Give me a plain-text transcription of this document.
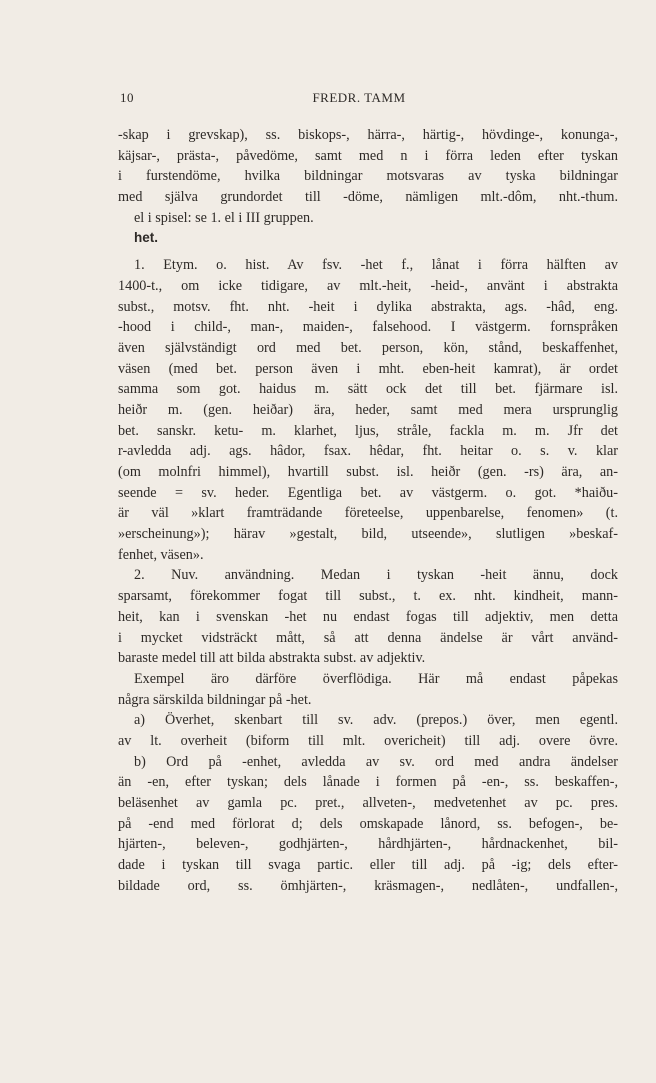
10	FREDR. TAMM
-skap i grevskap), ss. biskops-, härra-, härtig-, hövdinge-, konunga-,
käjsar-, prästa-, påvedöme, samt med n i förra leden efter tyskan
i furstendöme, hvilka bildningar motsvaras av tyska bildningar
med själva grundordet till -döme, nämligen mlt.-dôm, nht.-thum.
el i spisel: se 1. el i III gruppen.
het.
1. Etym. o. hist. Av fsv. -het f., lånat i förra hälften av
1400-t., om icke tidigare, av mlt.-heit, -heid-, använt i abstrakta
subst., motsv. fht. nht. -heit i dylika abstrakta, ags. -hâd, eng.
-hood i child-, man-, maiden-, falsehood. I västgerm. fornspråken
även självständigt ord med bet. person, kön, stånd, beskaffenhet,
väsen (med bet. person även i mht. eben-heit kamrat), är ordet
samma som got. haidus m. sätt ock det till bet. fjärmare isl.
heiðr m. (gen. heiðar) ära, heder, samt med mera ursprunglig
bet. sanskr. ketu- m. klarhet, ljus, stråle, fackla m. m. Jfr det
r-avledda adj. ags. hâdor, fsax. hêdar, fht. heitar o. s. v. klar
(om molnfri himmel), hvartill subst. isl. heiðr (gen. -rs) ära, an-
seende = sv. heder. Egentliga bet. av västgerm. o. got. *haiðu-
är väl »klart framträdande företeelse, uppenbarelse, fenomen» (t.
»erscheinung»); härav »gestalt, bild, utseende», slutligen »beskaf-
fenhet, väsen».
2. Nuv. användning. Medan i tyskan -heit ännu, dock
sparsamt, förekommer fogat till subst., t. ex. nht. kindheit, mann-
heit, kan i svenskan -het nu endast fogas till adjektiv, men detta
i mycket vidsträckt mått, så att denna ändelse är vårt använd-
baraste medel till att bilda abstrakta subst. av adjektiv.
Exempel äro därföre överflödiga. Här må endast påpekas
några särskilda bildningar på -het.
a) Överhet, skenbart till sv. adv. (prepos.) över, men egentl.
av lt. overheit (biform till mlt. overicheit) till adj. overe övre.
b) Ord på -enhet, avledda av sv. ord med andra ändelser
än -en, efter tyskan; dels lånade i formen på -en-, ss. beskaffen-,
beläsenhet av gamla pc. pret., allveten-, medvetenhet av pc. pres.
på -end med förlorat d; dels omskapade lånord, ss. befogen-, be-
hjärten-, beleven-, godhjärten-, hårdhjärten-, hårdnackenhet, bil-
dade i tyskan till svaga partic. eller till adj. på -ig; dels efter-
bildade ord, ss. ömhjärten-, kräsmagen-, nedlåten-, undfallen-,
